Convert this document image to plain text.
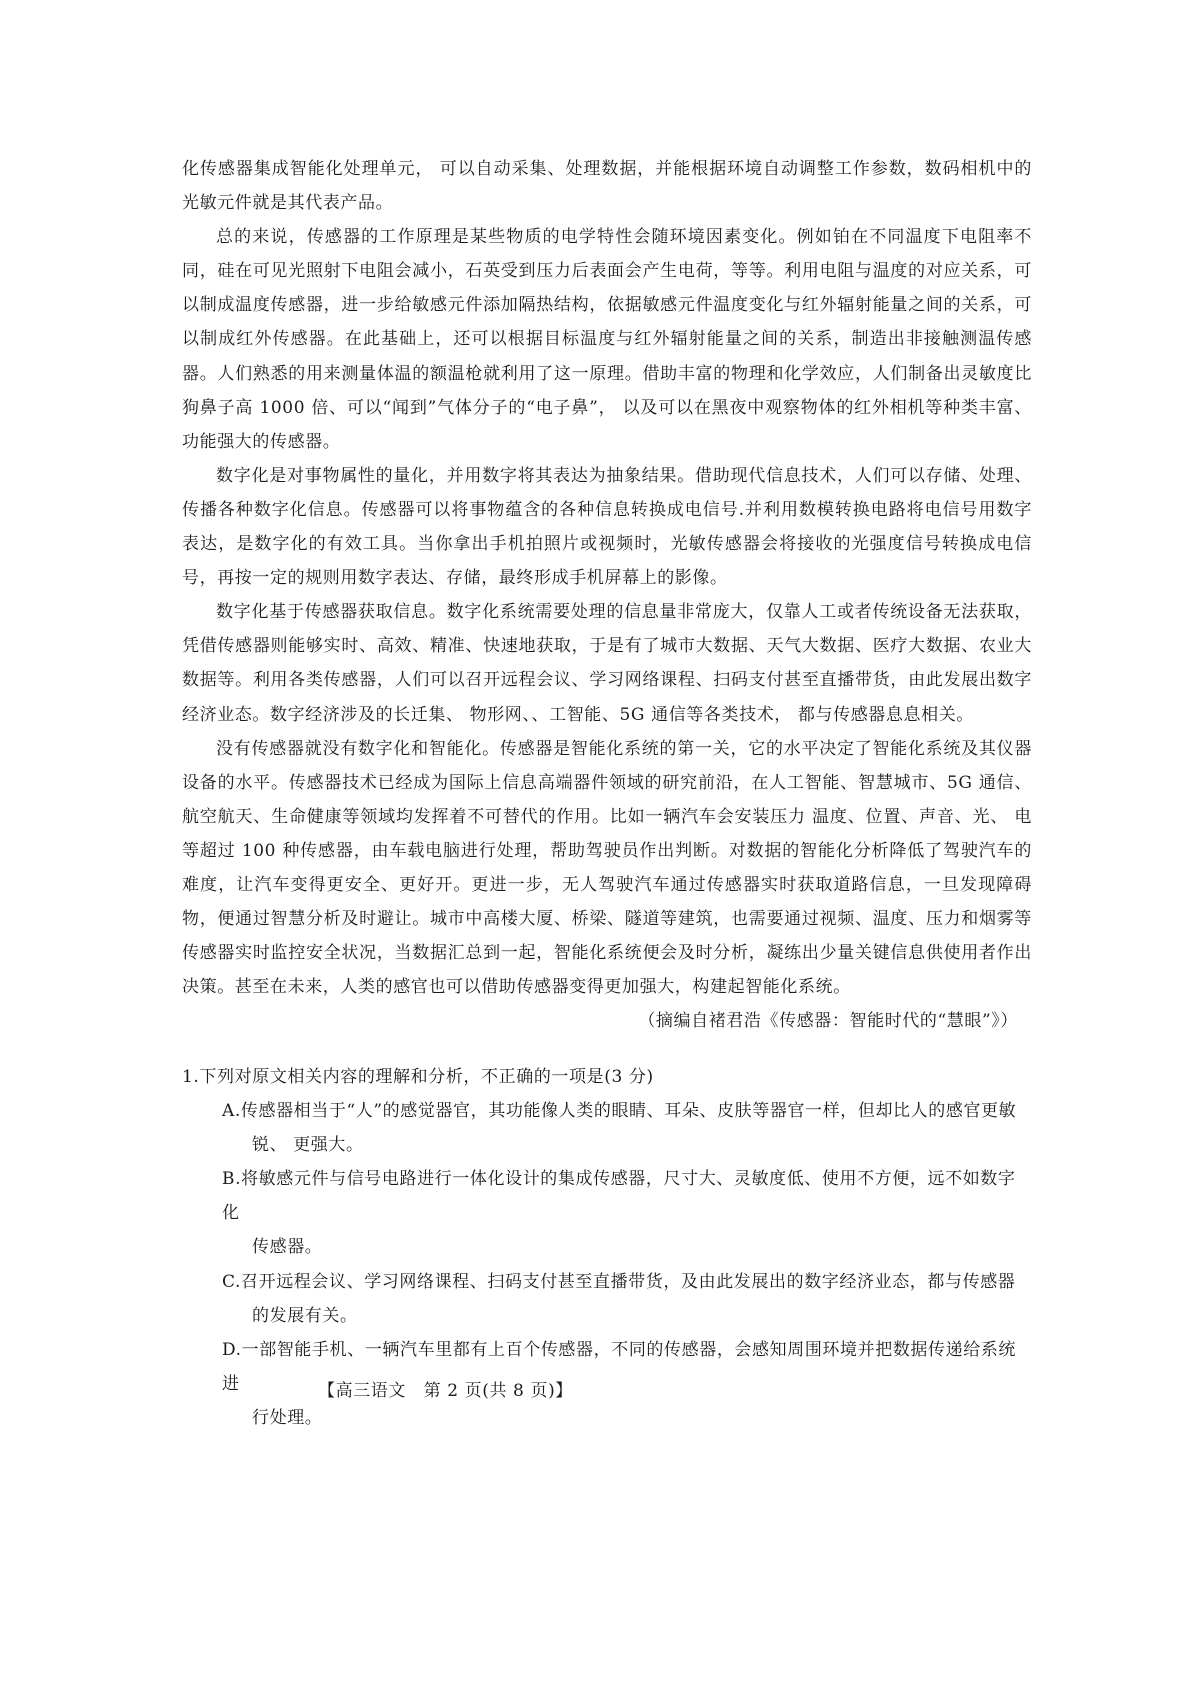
化传感器集成智能化处理单元， 可以自动采集、处理数据，并能根据环境自动调整工作参数，数码相机中的光敏元件就是其代表产品。

总的来说，传感器的工作原理是某些物质的电学特性会随环境因素变化。例如铂在不同温度下电阻率不同，硅在可见光照射下电阻会减小，石英受到压力后表面会产生电荷，等等。利用电阻与温度的对应关系，可以制成温度传感器，进一步给敏感元件添加隔热结构，依据敏感元件温度变化与红外辐射能量之间的关系，可以制成红外传感器。在此基础上，还可以根据目标温度与红外辐射能量之间的关系，制造出非接触测温传感器。人们熟悉的用来测量体温的额温枪就利用了这一原理。借助丰富的物理和化学效应，人们制备出灵敏度比狗鼻子高 1000 倍、可以“闻到”气体分子的“电子鼻”， 以及可以在黑夜中观察物体的红外相机等种类丰富、功能强大的传感器。

数字化是对事物属性的量化，并用数字将其表达为抽象结果。借助现代信息技术，人们可以存储、处理、传播各种数字化信息。传感器可以将事物蕴含的各种信息转换成电信号.并利用数模转换电路将电信号用数字表达，是数字化的有效工具。当你拿出手机拍照片或视频时，光敏传感器会将接收的光强度信号转换成电信号，再按一定的规则用数字表达、存储，最终形成手机屏幕上的影像。

数字化基于传感器获取信息。数字化系统需要处理的信息量非常庞大，仅靠人工或者传统设备无法获取，凭借传感器则能够实时、高效、精准、快速地获取，于是有了城市大数据、天气大数据、医疗大数据、农业大数据等。利用各类传感器，人们可以召开远程会议、学习网络课程、扫码支付甚至直播带货，由此发展出数字经济业态。数字经济涉及的长迁集、 物形网、、工智能、5G 通信等各类技术， 都与传感器息息相关。

没有传感器就没有数字化和智能化。传感器是智能化系统的第一关，它的水平决定了智能化系统及其仪器设备的水平。传感器技术已经成为国际上信息高端器件领域的研究前沿，在人工智能、智慧城市、5G 通信、航空航天、生命健康等领域均发挥着不可替代的作用。比如一辆汽车会安装压力 温度、位置、声音、光、 电等超过 100 种传感器，由车载电脑进行处理，帮助驾驶员作出判断。对数据的智能化分析降低了驾驶汽车的难度，让汽车变得更安全、更好开。更进一步，无人驾驶汽车通过传感器实时获取道路信息，一旦发现障碍物，便通过智慧分析及时避让。城市中高楼大厦、桥梁、隧道等建筑，也需要通过视频、温度、压力和烟雾等传感器实时监控安全状况，当数据汇总到一起，智能化系统便会及时分析，凝练出少量关键信息供使用者作出决策。甚至在未来，人类的感官也可以借助传感器变得更加强大，构建起智能化系统。

（摘编自褚君浩《传感器：智能时代的“慧眼”》）

1.下列对原文相关内容的理解和分析，不正确的一项是(3 分)

A.传感器相当于“人”的感觉器官，其功能像人类的眼睛、耳朵、皮肤等器官一样，但却比人的感官更敏
锐、 更强大。

B.将敏感元件与信号电路进行一体化设计的集成传感器，尺寸大、灵敏度低、使用不方便，远不如数字化
传感器。

C.召开远程会议、学习网络课程、扫码支付甚至直播带货，及由此发展出的数字经济业态，都与传感器
的发展有关。

D.一部智能手机、一辆汽车里都有上百个传感器，不同的传感器，会感知周围环境并把数据传递给系统进
行处理。

【高三语文　第 2 页(共 8 页)】
